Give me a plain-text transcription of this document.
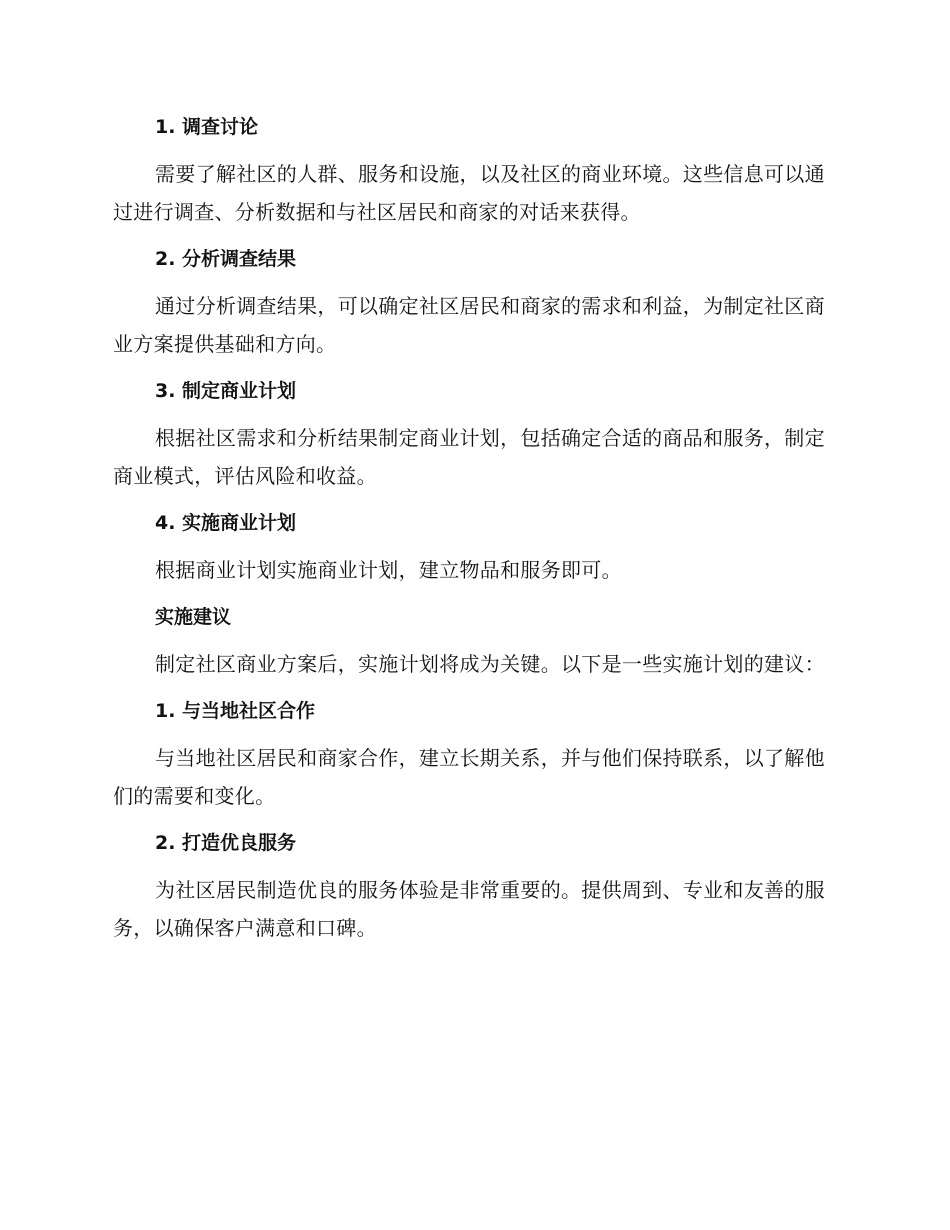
1. 调查讨论
需要了解社区的人群、服务和设施，以及社区的商业环境。这些信息可以通过进行调查、分析数据和与社区居民和商家的对话来获得。
2. 分析调查结果
通过分析调查结果，可以确定社区居民和商家的需求和利益，为制定社区商业方案提供基础和方向。
3. 制定商业计划
根据社区需求和分析结果制定商业计划，包括确定合适的商品和服务，制定商业模式，评估风险和收益。
4. 实施商业计划
根据商业计划实施商业计划，建立物品和服务即可。
实施建议
制定社区商业方案后，实施计划将成为关键。以下是一些实施计划的建议：
1. 与当地社区合作
与当地社区居民和商家合作，建立长期关系，并与他们保持联系，以了解他们的需要和变化。
2. 打造优良服务
为社区居民制造优良的服务体验是非常重要的。提供周到、专业和友善的服务，以确保客户满意和口碑。
